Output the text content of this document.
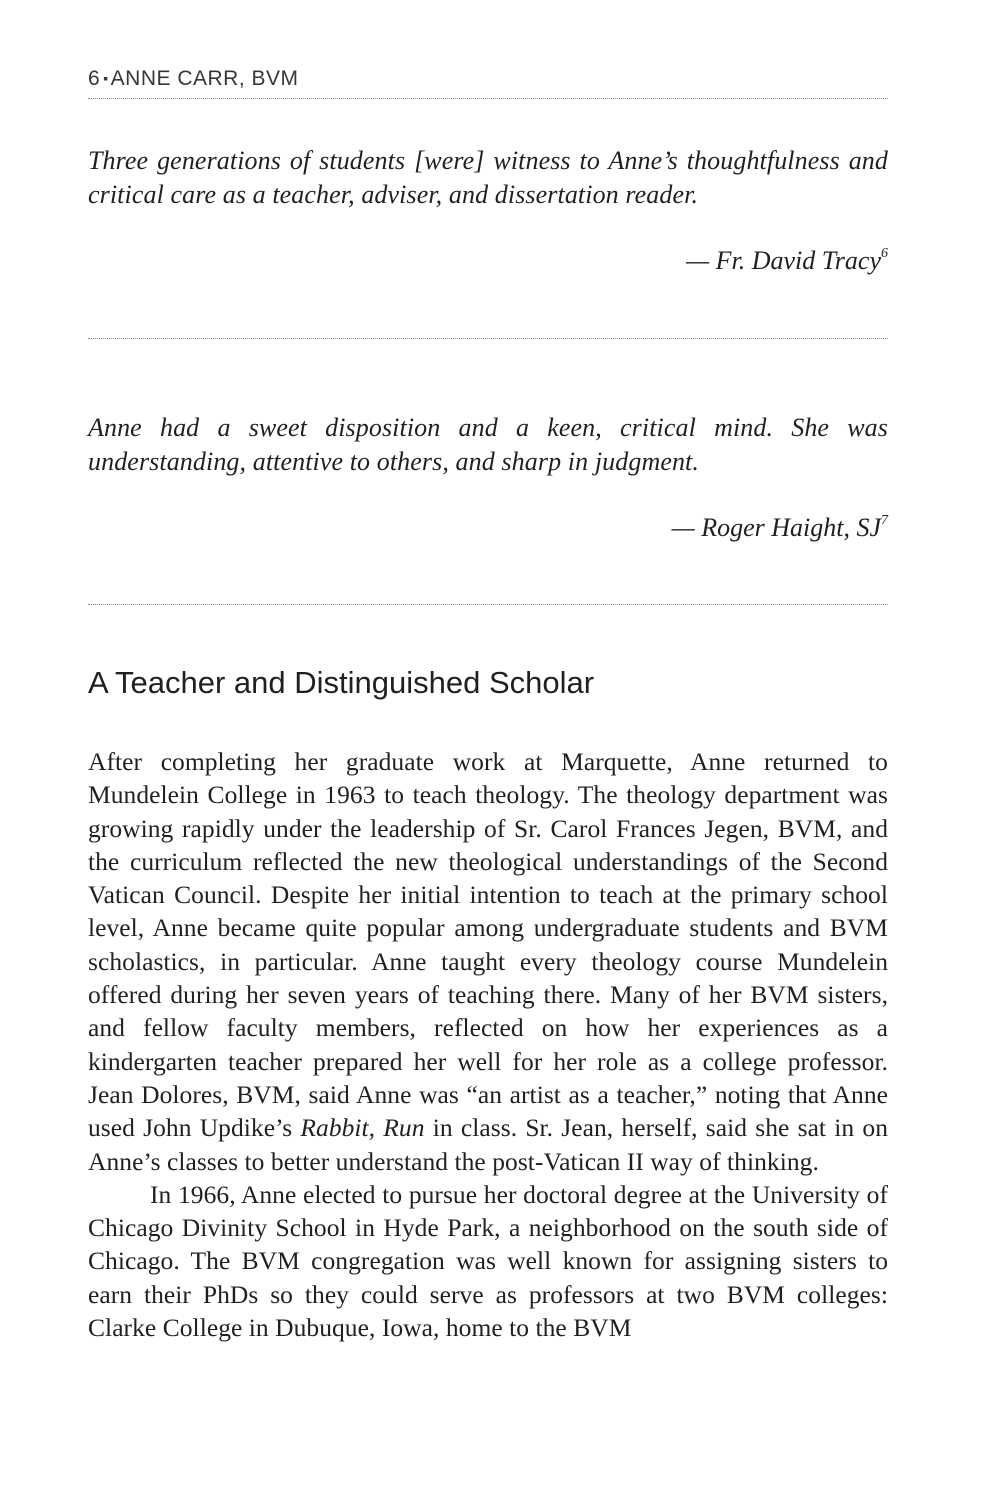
6 ▪ANNE CARR, BVM

Three generations of students [were] witness to Anne’s thoughtfulness and critical care as a teacher, adviser, and dissertation reader.

— Fr. David Tracy$^6$

Anne had a sweet disposition and a keen, critical mind. She was understanding, attentive to others, and sharp in judgment.

— Roger Haight, $SJ^7$

A Teacher and Distinguished Scholar

After completing her graduate work at Marquette, Anne returned to Mundelein College in 1963 to teach theology. The theology department was growing rapidly under the leadership of Sr. Carol Frances Jegen, BVM, and the curriculum reflected the new theological understandings of the Second Vatican Council. Despite her initial intention to teach at the primary school level, Anne became quite popular among undergraduate students and BVM scholastics, in particular. Anne taught every theology course Mundelein offered during her seven years of teaching there. Many of her BVM sisters, and fellow faculty members, reflected on how her experiences as a kindergarten teacher prepared her well for her role as a college professor. Jean Dolores, BVM, said Anne was “an artist as a teacher,” noting that Anne used John Updike’s Rabbit, Run in class. Sr. Jean, herself, said she sat in on Anne’s classes to better understand the post-Vatican II way of thinking.

In 1966, Anne elected to pursue her doctoral degree at the University of Chicago Divinity School in Hyde Park, a neighborhood on the south side of Chicago. The BVM congregation was well known for assigning sisters to earn their PhDs so they could serve as professors at two BVM colleges: Clarke College in Dubuque, Iowa, home to the BVM
